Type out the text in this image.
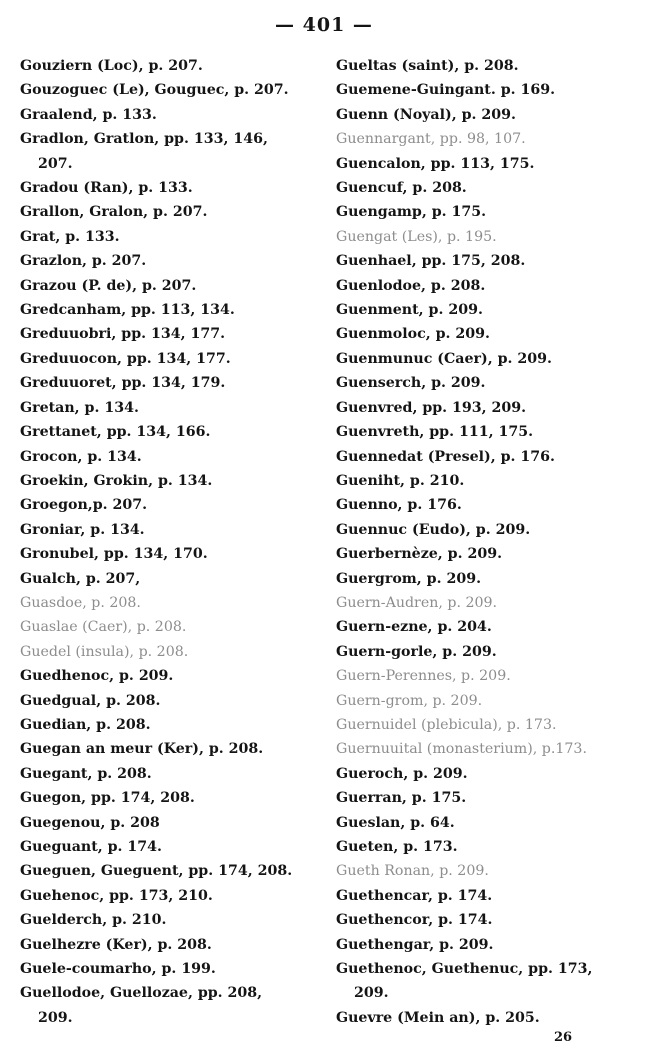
— 401 —
Gouziern (Loc), p. 207.
Gouzoguec (Le), Gouguec, p. 207.
Graalend, p. 133.
Gradlon, Gratlon, pp. 133, 146,
207.
Gradou (Ran), p. 133.
Grallon, Gralon, p. 207.
Grat, p. 133.
Grazlon, p. 207.
Grazou (P. de), p. 207.
Gredcanham, pp. 113, 134.
Greduuobri, pp. 134, 177.
Greduuocon, pp. 134, 177.
Greduuoret, pp. 134, 179.
Gretan, p. 134.
Grettanet, pp. 134, 166.
Grocon, p. 134.
Groekin, Grokin, p. 134.
Groegon,p. 207.
Groniar, p. 134.
Gronubel, pp. 134, 170.
Gualch, p. 207,
Guasdoe, p. 208.
Guaslae (Caer), p. 208.
Guedel (insula), p. 208.
Guedhenoc, p. 209.
Guedgual, p. 208.
Guedian, p. 208.
Guegan an meur (Ker), p. 208.
Guegant, p. 208.
Guegon, pp. 174, 208.
Guegenou, p. 208
Gueguant, p. 174.
Gueguen, Gueguent, pp. 174, 208.
Guehenoc, pp. 173, 210.
Guelderch, p. 210.
Guelhezre (Ker), p. 208.
Guele-coumarho, p. 199.
Guellodoe, Guellozae, pp. 208,
209.
Gueltas (saint), p. 208.
Guemene-Guingant. p. 169.
Guenn (Noyal), p. 209.
Guennargant, pp. 98, 107.
Guencalon, pp. 113, 175.
Guencuf, p. 208.
Guengamp, p. 175.
Guengat (Les), p. 195.
Guenhael, pp. 175, 208.
Guenlodoe, p. 208.
Guenment, p. 209.
Guenmoloc, p. 209.
Guenmunuc (Caer), p. 209.
Guenserch, p. 209.
Guenvred, pp. 193, 209.
Guenvreth, pp. 111, 175.
Guennedat (Presel), p. 176.
Gueniht, p. 210.
Guenno, p. 176.
Guennuc (Eudo), p. 209.
Guerbernèze, p. 209.
Guergrom, p. 209.
Guern-Audren, p. 209.
Guern-ezne, p. 204.
Guern-gorle, p. 209.
Guern-Perennes, p. 209.
Guern-grom, p. 209.
Guernuidel (plebicula), p. 173.
Guernuuital (monasterium), p.173.
Gueroch, p. 209.
Guerran, p. 175.
Gueslan, p. 64.
Gueten, p. 173.
Gueth Ronan, p. 209.
Guethencar, p. 174.
Guethencor, p. 174.
Guethengar, p. 209.
Guethenoc, Guethenuc, pp. 173,
209.
Guevre (Mein an), p. 205.
26
